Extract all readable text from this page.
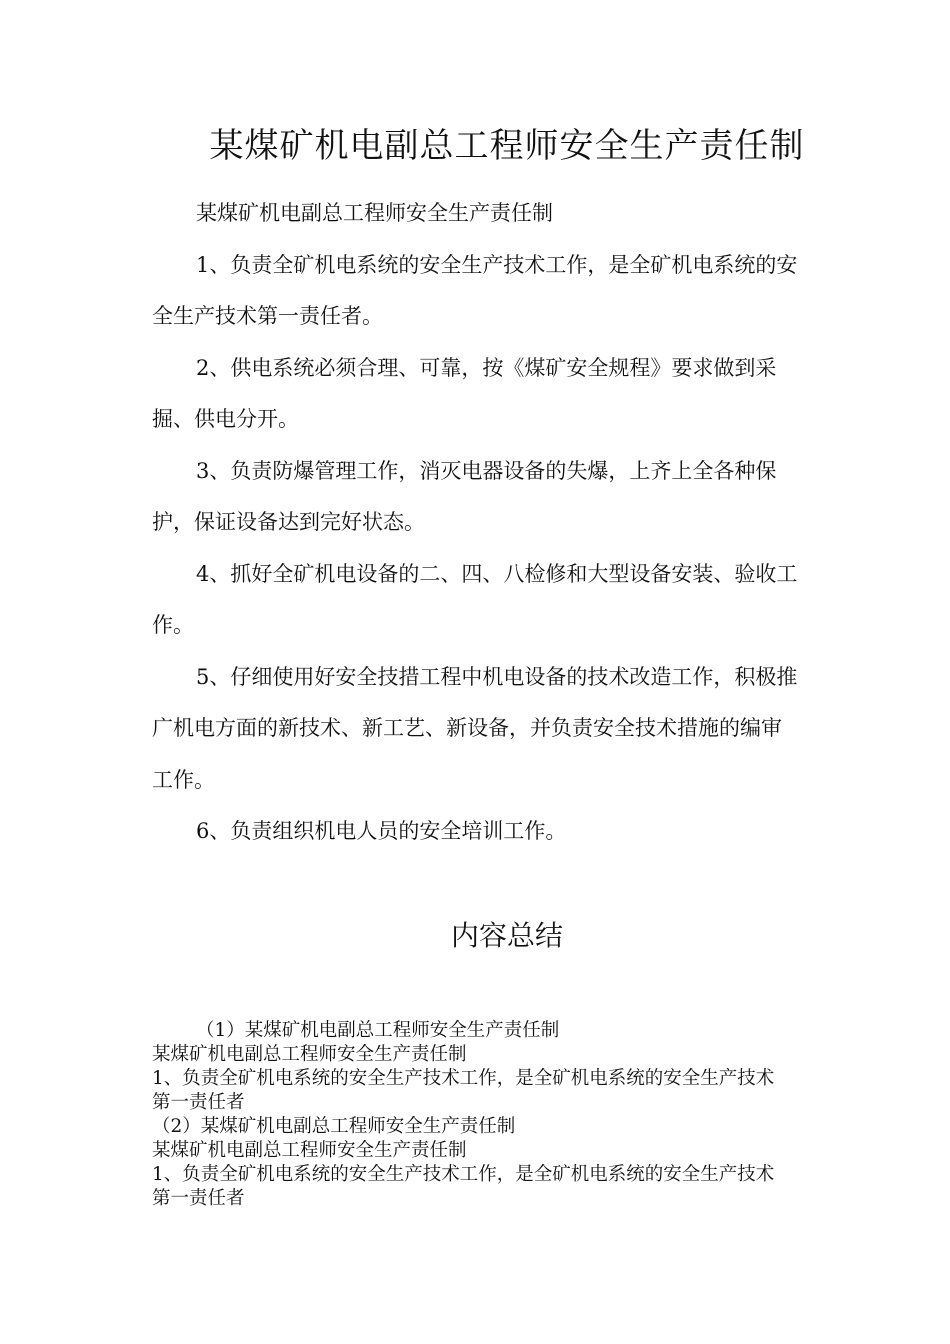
某煤矿机电副总工程师安全生产责任制

某煤矿机电副总工程师安全生产责任制

1、负责全矿机电系统的安全生产技术工作，是全矿机电系统的安全生产技术第一责任者。

2、供电系统必须合理、可靠，按《煤矿安全规程》要求做到采掘、供电分开。

3、负责防爆管理工作，消灭电器设备的失爆，上齐上全各种保护，保证设备达到完好状态。

4、抓好全矿机电设备的二、四、八检修和大型设备安装、验收工作。

5、仔细使用好安全技措工程中机电设备的技术改造工作，积极推广机电方面的新技术、新工艺、新设备，并负责安全技术措施的编审工作。

6、负责组织机电人员的安全培训工作。

内容总结
（1）某煤矿机电副总工程师安全生产责任制
某煤矿机电副总工程师安全生产责任制
1、负责全矿机电系统的安全生产技术工作，是全矿机电系统的安全生产技术第一责任者
（2）某煤矿机电副总工程师安全生产责任制
某煤矿机电副总工程师安全生产责任制
1、负责全矿机电系统的安全生产技术工作，是全矿机电系统的安全生产技术第一责任者
